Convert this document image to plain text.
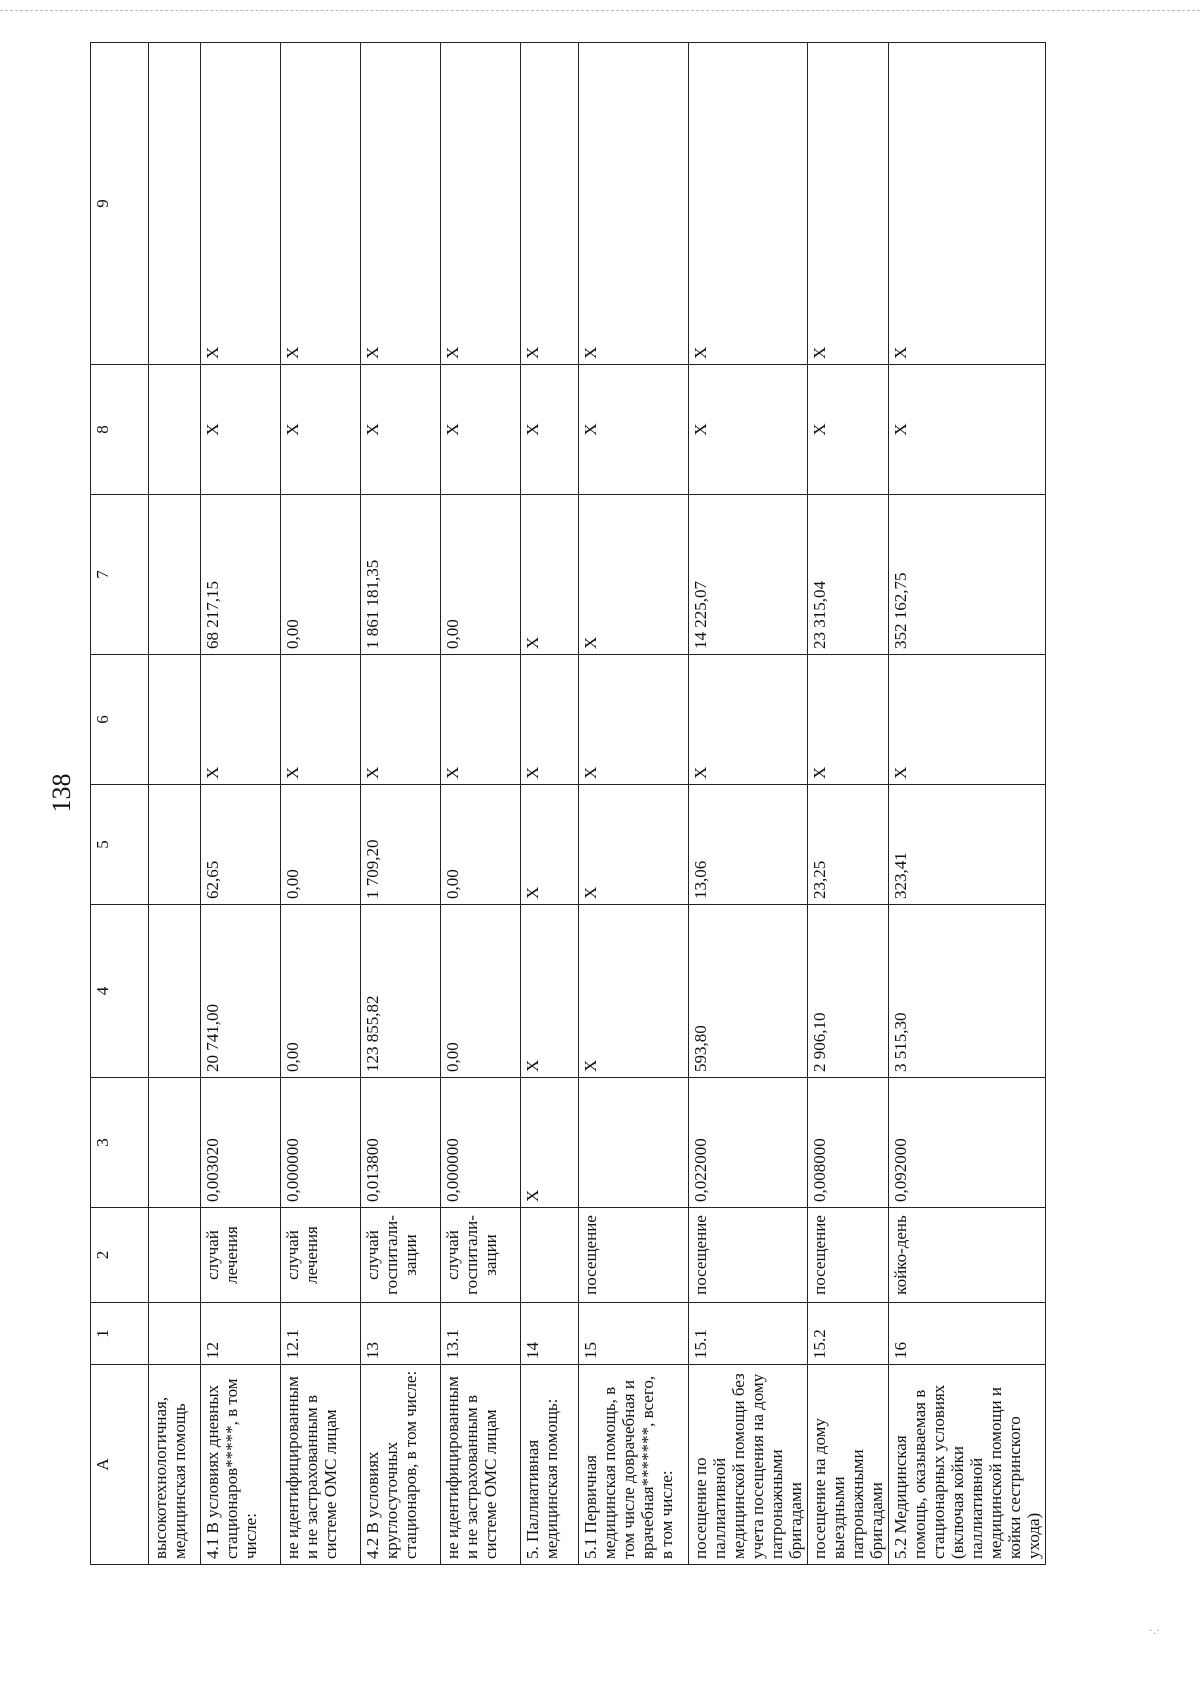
138
А	1	2	3	4	5	6	7	8	9
высокотехнологичная, медицинская помощь									
4.1 В условиях дневных стационаров*****, в том числе:	12	случай лечения	0,003020	20 741,00	62,65	Х	68 217,15	Х	Х
не идентифицированным и не застрахованным в системе ОМС лицам	12.1	случай лечения	0,000000	0,00	0,00	Х	0,00	Х	Х
4.2 В условиях круглосуточных стационаров, в том числе:	13	случай госпитали-зации	0,013800	123 855,82	1 709,20	Х	1 861 181,35	Х	Х
не идентифицированным и не застрахованным в системе ОМС лицам	13.1	случай госпитали-зации	0,000000	0,00	0,00	Х	0,00	Х	Х
5. Паллиативная медицинская помощь:	14		Х	Х	Х	Х	Х	Х	Х
5.1 Первичная медицинская помощь, в том числе доврачебная и врачебная*******, всего, в том числе:	15	посещение		Х	Х	Х	Х	Х	Х
посещение по паллиативной медицинской помощи без учета посещения на дому патронажными бригадами	15.1	посещение	0,022000	593,80	13,06	Х	14 225,07	Х	Х
посещение на дому выездными патронажными бригадами	15.2	посещение	0,008000	2 906,10	23,25	Х	23 315,04	Х	Х
5.2 Медицинская помощь, оказываемая в стационарных условиях (включая койки паллиативной медицинской помощи и койки сестринского ухода)	16	койко-день	0,092000	3 515,30	323,41	Х	352 162,75	Х	Х
·.·
